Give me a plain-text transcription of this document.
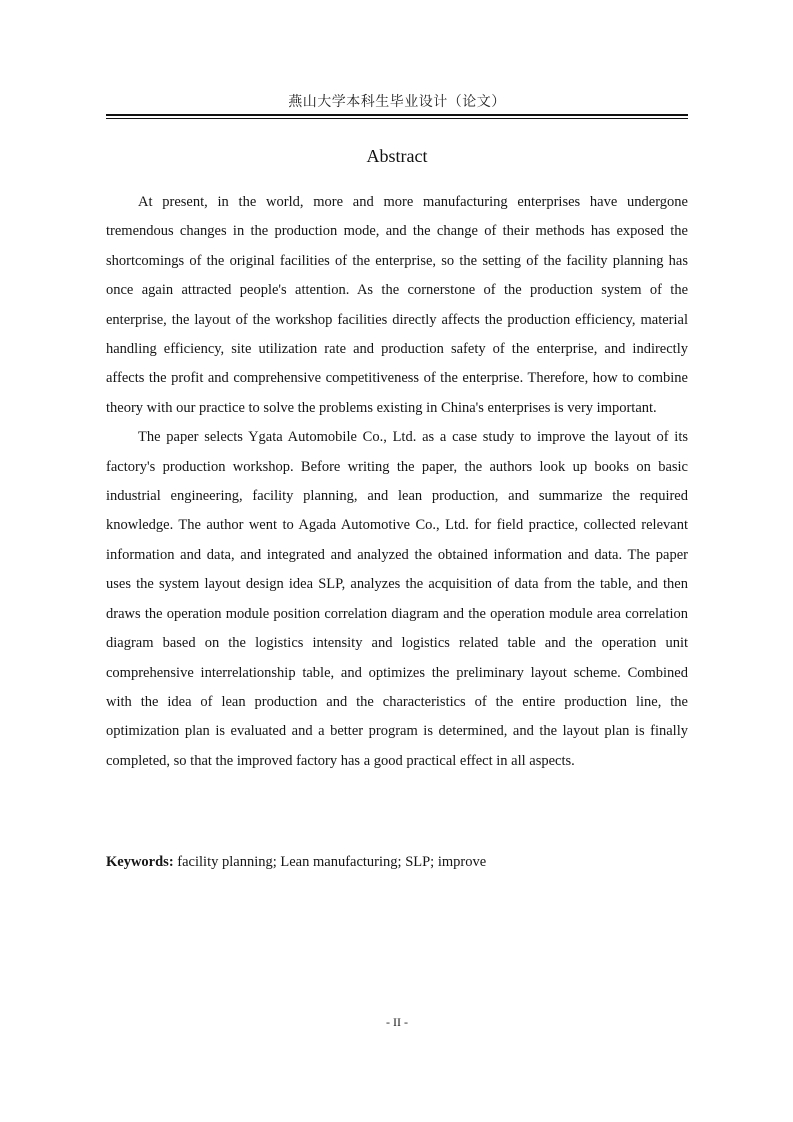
燕山大学本科生毕业设计（论文）
Abstract

At present, in the world, more and more manufacturing enterprises have undergone tremendous changes in the production mode, and the change of their methods has exposed the shortcomings of the original facilities of the enterprise, so the setting of the facility planning has once again attracted people's attention. As the cornerstone of the production system of the enterprise, the layout of the workshop facilities directly affects the production efficiency, material handling efficiency, site utilization rate and production safety of the enterprise, and indirectly affects the profit and comprehensive competitiveness of the enterprise. Therefore, how to combine theory with our practice to solve the problems existing in China's enterprises is very important.

The paper selects Ygata Automobile Co., Ltd. as a case study to improve the layout of its factory's production workshop. Before writing the paper, the authors look up books on basic industrial engineering, facility planning, and lean production, and summarize the required knowledge. The author went to Agada Automotive Co., Ltd. for field practice, collected relevant information and data, and integrated and analyzed the obtained information and data. The paper uses the system layout design idea SLP, analyzes the acquisition of data from the table, and then draws the operation module position correlation diagram and the operation module area correlation diagram based on the logistics intensity and logistics related table and the operation unit comprehensive interrelationship table, and optimizes the preliminary layout scheme. Combined with the idea of lean production and the characteristics of the entire production line, the optimization plan is evaluated and a better program is determined, and the layout plan is finally completed, so that the improved factory has a good practical effect in all aspects.

Keywords: facility planning; Lean manufacturing; SLP; improve
- II -
